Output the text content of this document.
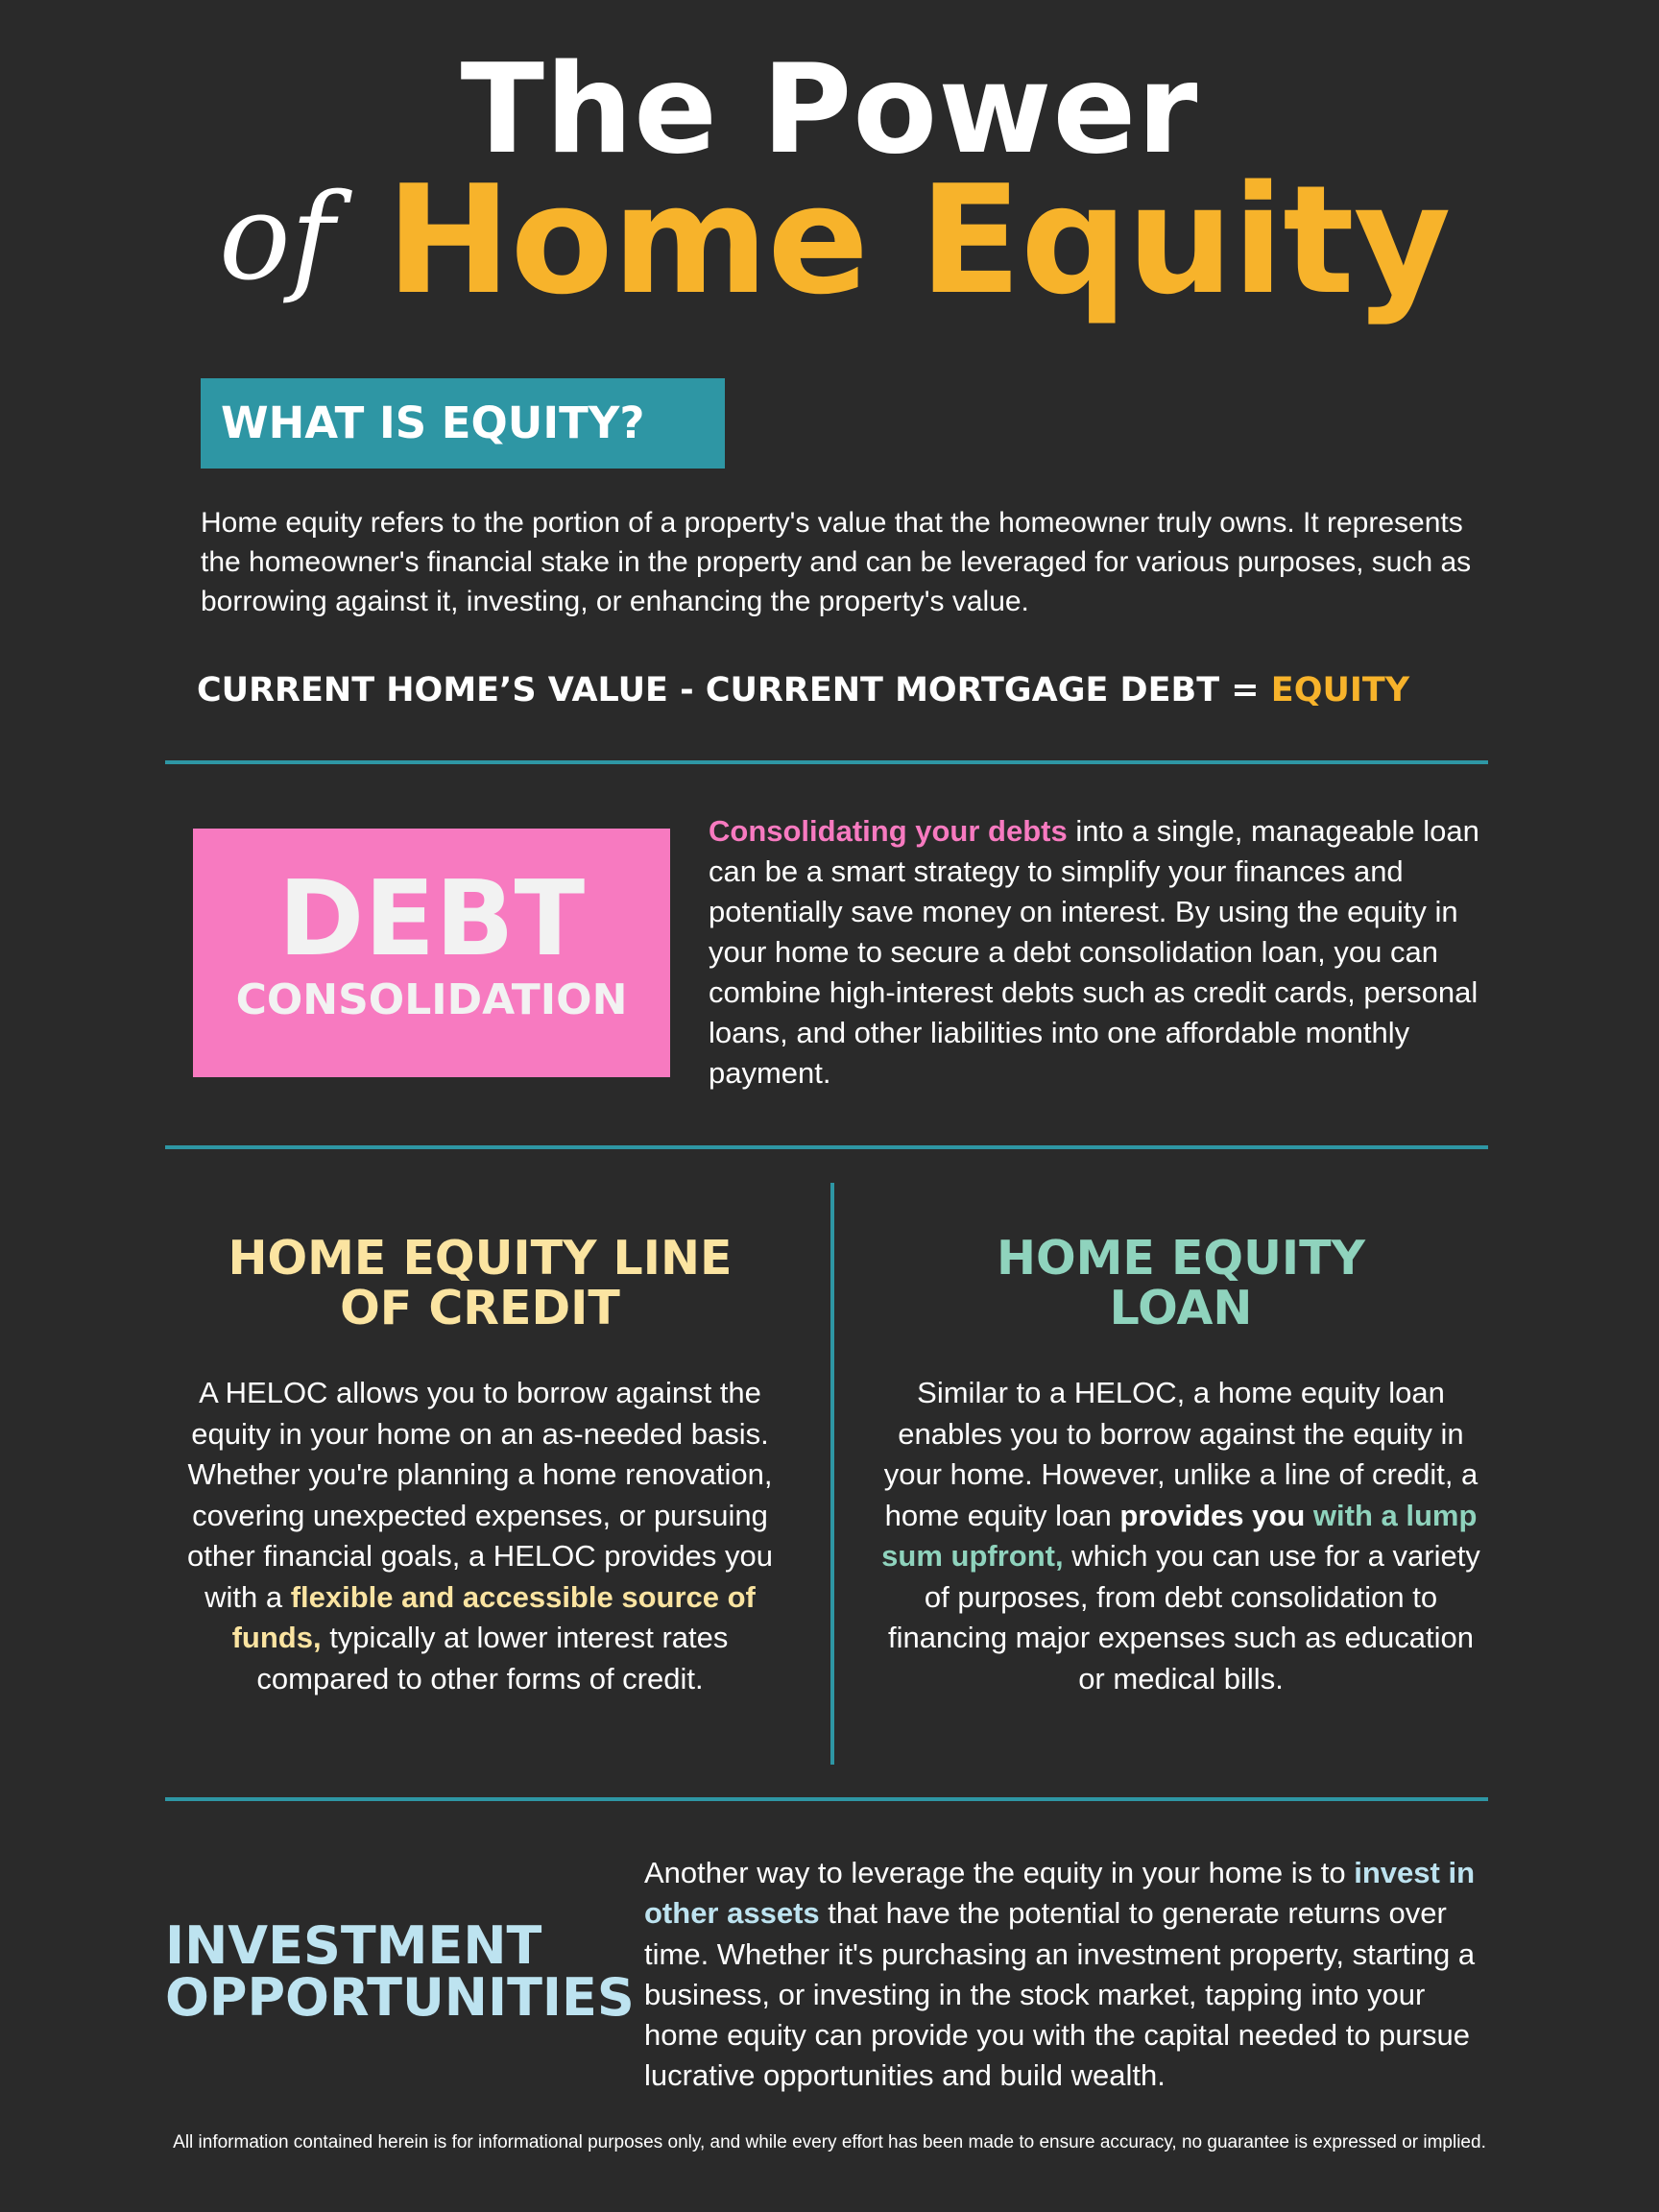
The Power
of Home Equity
WHAT IS EQUITY?

Home equity refers to the portion of a property's value that the homeowner truly owns. It represents the homeowner's financial stake in the property and can be leveraged for various purposes, such as borrowing against it, investing, or enhancing the property's value.

CURRENT HOME’S VALUE - CURRENT MORTGAGE DEBT = EQUITY
DEBT
CONSOLIDATION

Consolidating your debts into a single, manageable loan can be a smart strategy to simplify your finances and potentially save money on interest. By using the equity in your home to secure a debt consolidation loan, you can combine high-interest debts such as credit cards, personal loans, and other liabilities into one affordable monthly payment.

HOME EQUITY LINE
OF CREDIT

A HELOC allows you to borrow against the equity in your home on an as-needed basis. Whether you're planning a home renovation, covering unexpected expenses, or pursuing other financial goals, a HELOC provides you with a flexible and accessible source of funds, typically at lower interest rates compared to other forms of credit.

HOME EQUITY
LOAN

Similar to a HELOC, a home equity loan enables you to borrow against the equity in your home. However, unlike a line of credit, a home equity loan provides you with a lump sum upfront, which you can use for a variety of purposes, from debt consolidation to financing major expenses such as education or medical bills.

INVESTMENT
OPPORTUNITIES

Another way to leverage the equity in your home is to invest in other assets that have the potential to generate returns over time. Whether it's purchasing an investment property, starting a business, or investing in the stock market, tapping into your home equity can provide you with the capital needed to pursue lucrative opportunities and build wealth.

All information contained herein is for informational purposes only, and while every effort has been made to ensure accuracy, no guarantee is expressed or implied.
